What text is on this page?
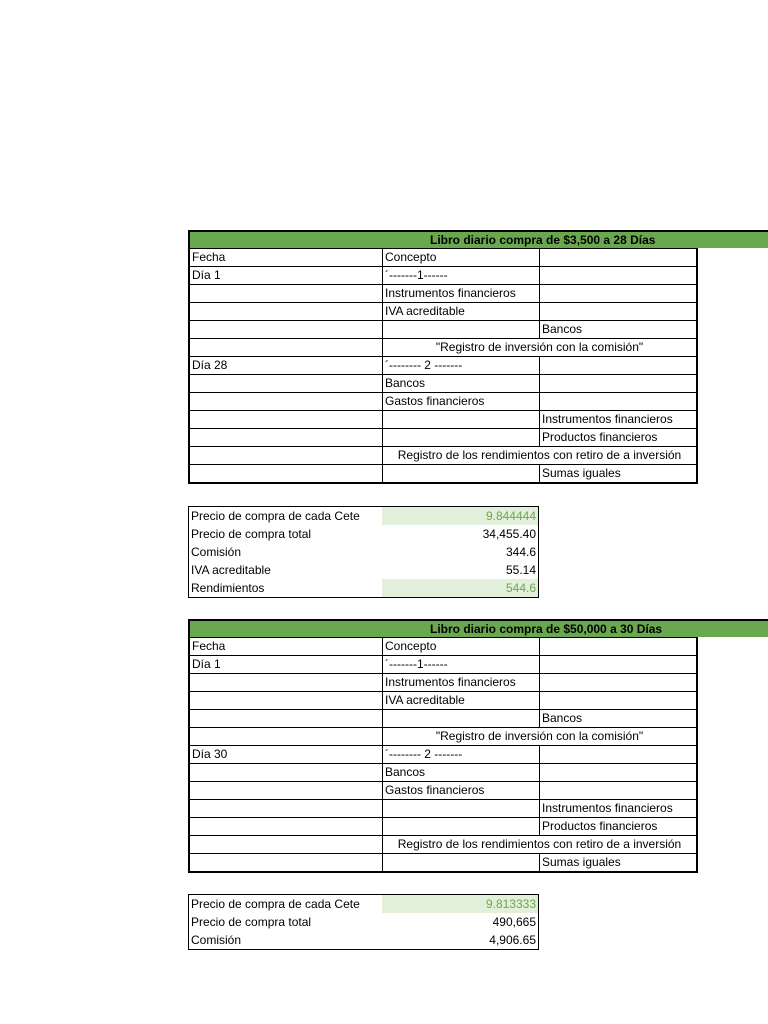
Libro diario compra de $3,500 a 28 Días
Fecha	Concepto	
Día 1	´-------1------	
	Instrumentos financieros	
	IVA acreditable	
		Bancos
	"Registro de inversión con la comisión"	
Día 28	´-------- 2 -------	
	Bancos	
	Gastos financieros	
		Instrumentos financieros
		Productos financieros
	Registro de los rendimientos con retiro de a inversión	
		Sumas iguales
Precio de compra de cada Cete	9.844444
Precio de compra total	34,455.40
Comisión	344.6
IVA acreditable	55.14
Rendimientos	544.6
Libro diario compra de $50,000 a 30 Días
Fecha	Concepto	
Día 1	´-------1------	
	Instrumentos financieros	
	IVA acreditable	
		Bancos
	"Registro de inversión con la comisión"	
Día 30	´-------- 2 -------	
	Bancos	
	Gastos financieros	
		Instrumentos financieros
		Productos financieros
	Registro de los rendimientos con retiro de a inversión	
		Sumas iguales
Precio de compra de cada Cete	9.813333
Precio de compra total	490,665
Comisión	4,906.65
